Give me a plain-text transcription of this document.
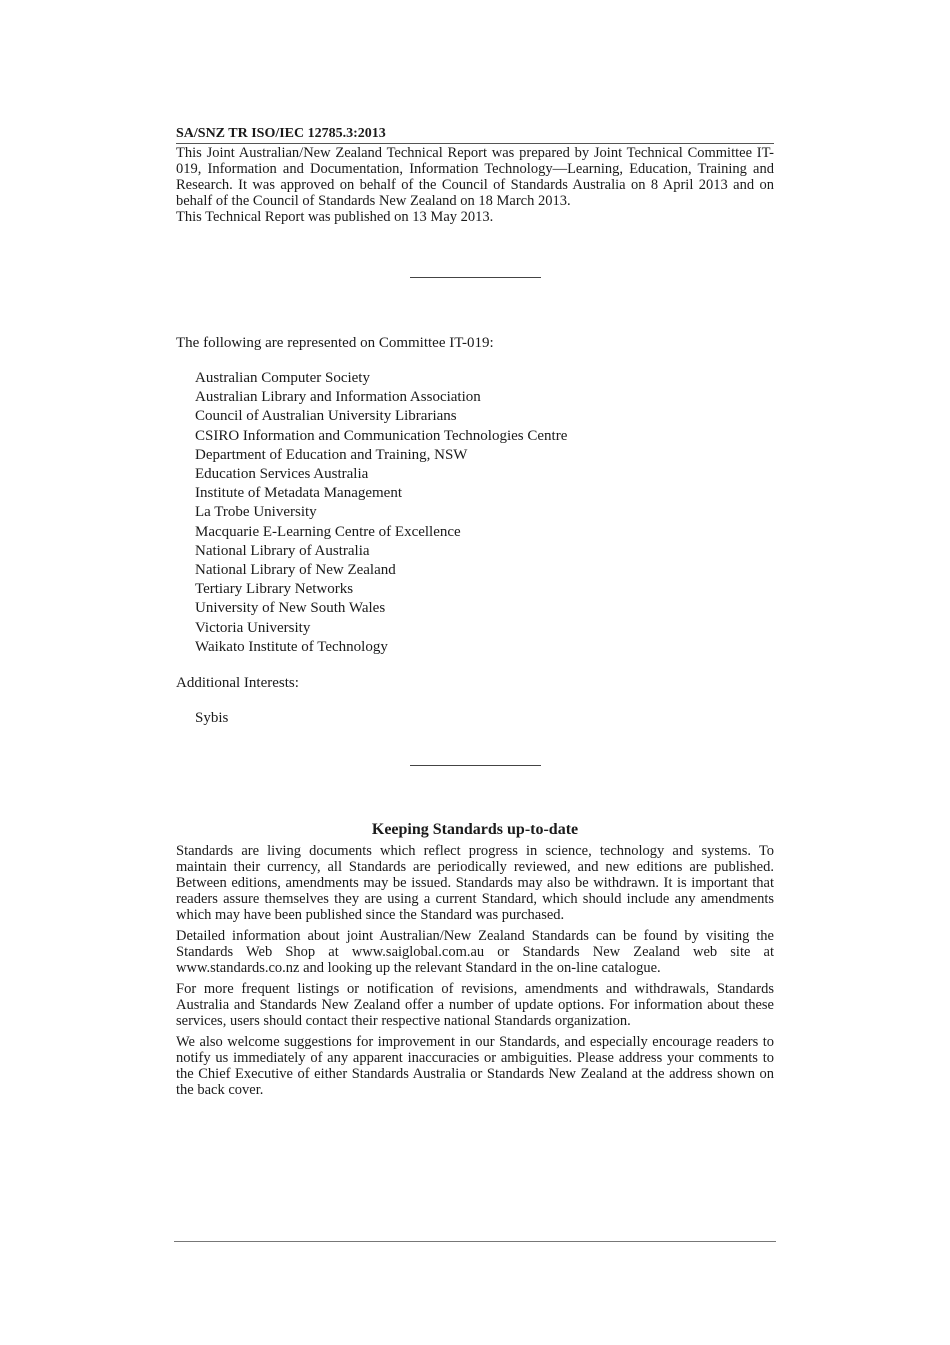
SA/SNZ TR ISO/IEC 12785.3:2013

This Joint Australian/New Zealand Technical Report was prepared by Joint Technical Committee IT-019, Information and Documentation, Information Technology—Learning, Education, Training and Research. It was approved on behalf of the Council of Standards Australia on 8 April 2013 and on behalf of the Council of Standards New Zealand on 18 March 2013.

This Technical Report was published on 13 May 2013.

The following are represented on Committee IT-019:
Australian Computer Society
Australian Library and Information Association
Council of Australian University Librarians
CSIRO Information and Communication Technologies Centre
Department of Education and Training, NSW
Education Services Australia
Institute of Metadata Management
La Trobe University
Macquarie E-Learning Centre of Excellence
National Library of Australia
National Library of New Zealand
Tertiary Library Networks
University of New South Wales
Victoria University
Waikato Institute of Technology
Additional Interests:
Sybis
Keeping Standards up-to-date

Standards are living documents which reflect progress in science, technology and systems. To maintain their currency, all Standards are periodically reviewed, and new editions are published. Between editions, amendments may be issued. Standards may also be withdrawn. It is important that readers assure themselves they are using a current Standard, which should include any amendments which may have been published since the Standard was purchased.

Detailed information about joint Australian/New Zealand Standards can be found by visiting the Standards Web Shop at www.saiglobal.com.au or Standards New Zealand web site at www.standards.co.nz and looking up the relevant Standard in the on-line catalogue.

For more frequent listings or notification of revisions, amendments and withdrawals, Standards Australia and Standards New Zealand offer a number of update options. For information about these services, users should contact their respective national Standards organization.

We also welcome suggestions for improvement in our Standards, and especially encourage readers to notify us immediately of any apparent inaccuracies or ambiguities. Please address your comments to the Chief Executive of either Standards Australia or Standards New Zealand at the address shown on the back cover.
